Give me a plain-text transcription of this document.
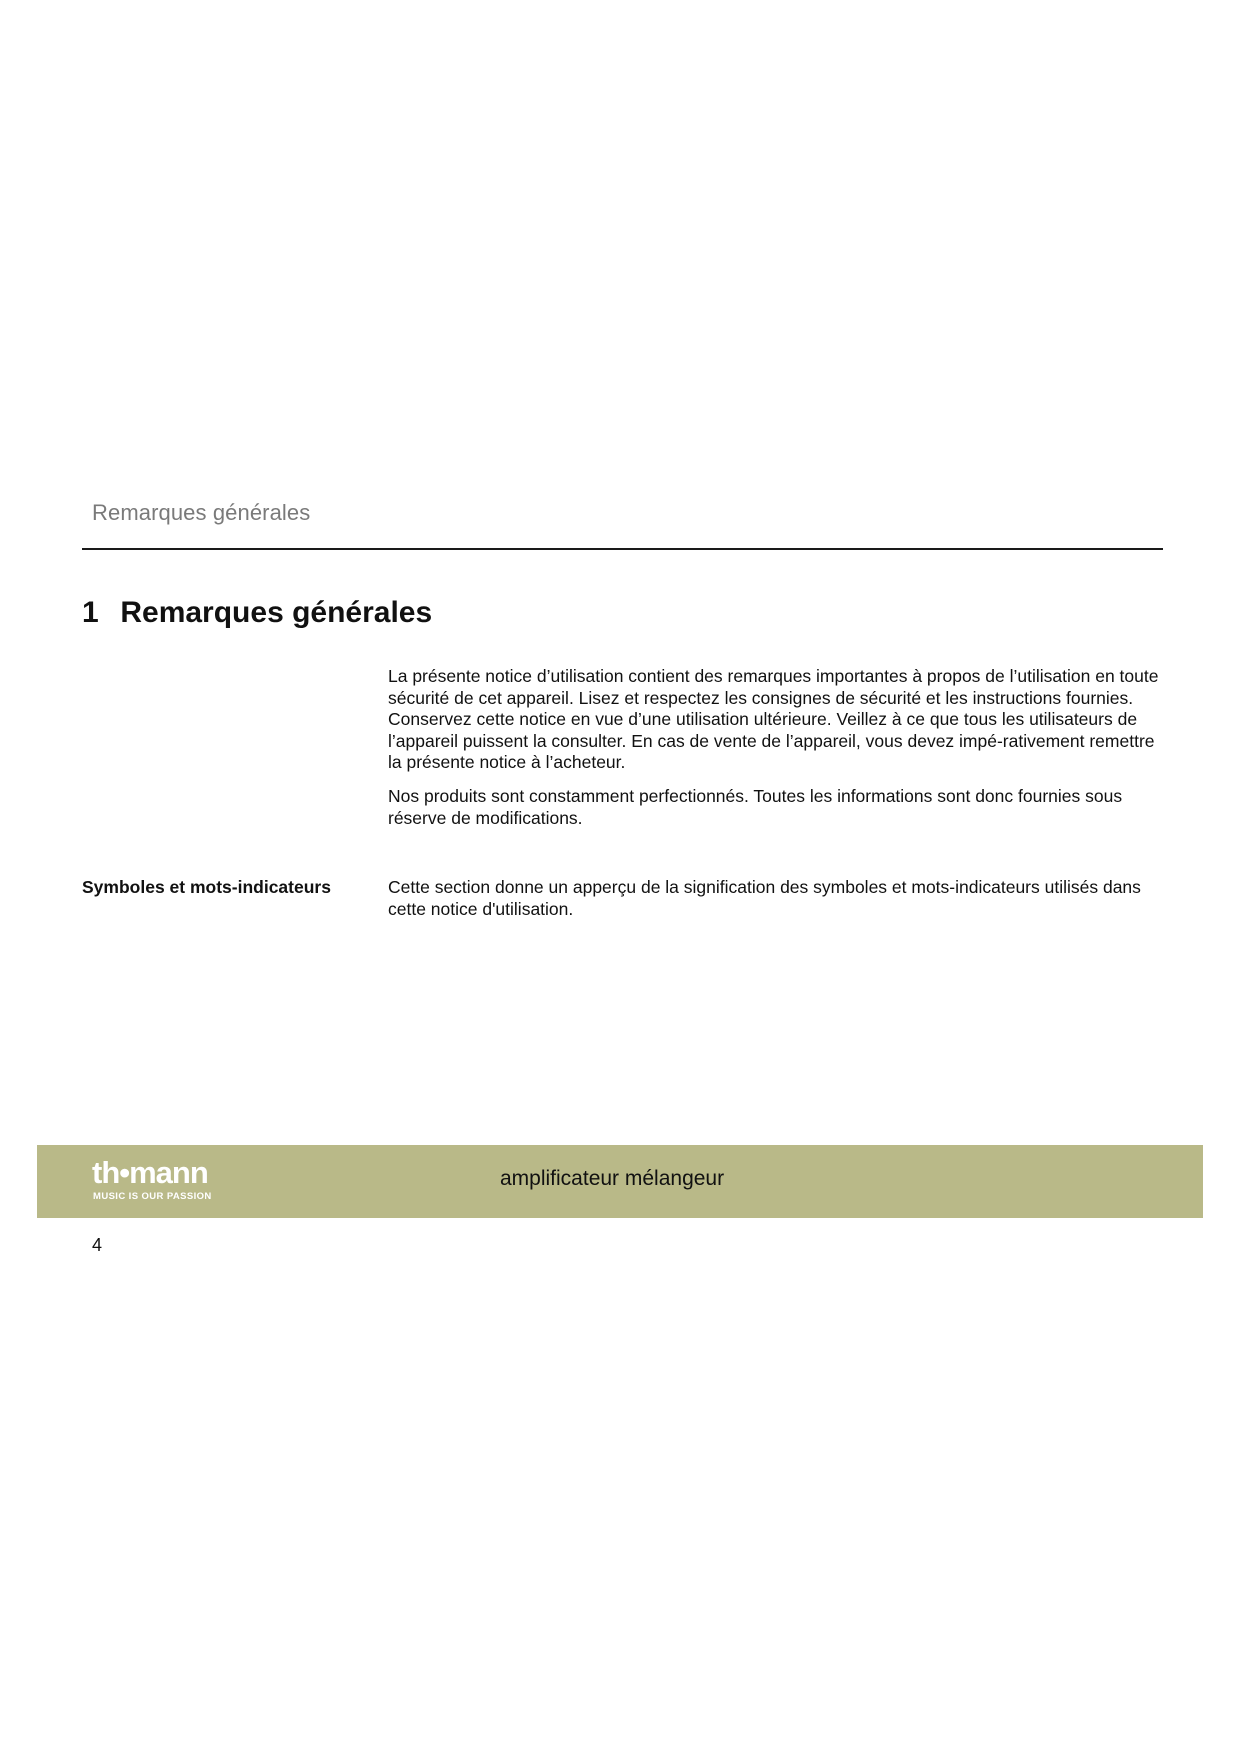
Remarques générales
1 Remarques générales

La présente notice d’utilisation contient des remarques importantes à propos de l’utilisation en toute sécurité de cet appareil. Lisez et respectez les consignes de sécurité et les instructions fournies. Conservez cette notice en vue d’une utilisation ultérieure. Veillez à ce que tous les utilisateurs de l’appareil puissent la consulter. En cas de vente de l’appareil, vous devez impé-rativement remettre la présente notice à l’acheteur.

Nos produits sont constamment perfectionnés. Toutes les informations sont donc fournies sous réserve de modifications.

Symboles et mots-indicateurs	Cette section donne un apperçu de la signification des symboles et mots-indicateurs utilisés dans cette notice d'utilisation.

th•mann
MUSIC IS OUR PASSION
amplificateur mélangeur
4
